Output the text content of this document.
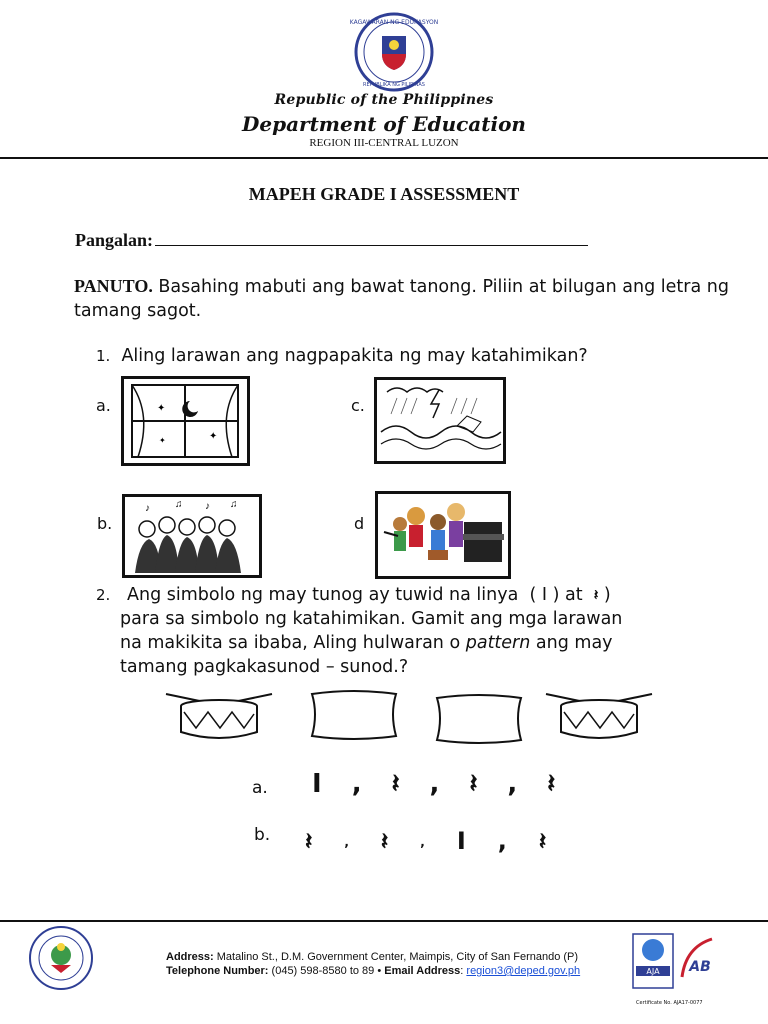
KAGAWARAN NG EDUKASYON
REPUBLIKA NG PILIPINAS
Republic of the Philippines
Department of Education
REGION III-CENTRAL LUZON
MAPEH GRADE I ASSESSMENT
Pangalan:
PANUTO. Basahing mabuti ang bawat tanong. Piliin at bilugan ang letra ng tamang sagot.
1. Aling larawan ang nagpapakita ng may katahimikan?
a.	✦
✦
✦
c.
b.
♪	♫ ♪ ♫
d
2. Ang simbolo ng may tunog ay tuwid na linya ( I ) at 𝄽 )
para sa simbolo ng katahimikan. Gamit ang mga larawan
na makikita sa ibaba, Aling hulwaran o pattern ang may
tamang pagkakasunod – sunod.?
a. I , 𝄽 , 𝄽 , 𝄽
b. 𝄽	, 𝄽	, I , 𝄽
Address: Matalino St., D.M. Government Center, Maimpis, City of San Fernando (P)
Telephone Number: (045) 598-8580 to 89 • Email Address: region3@deped.gov.ph	AJA AB
Certificate No. AJA17-0077
